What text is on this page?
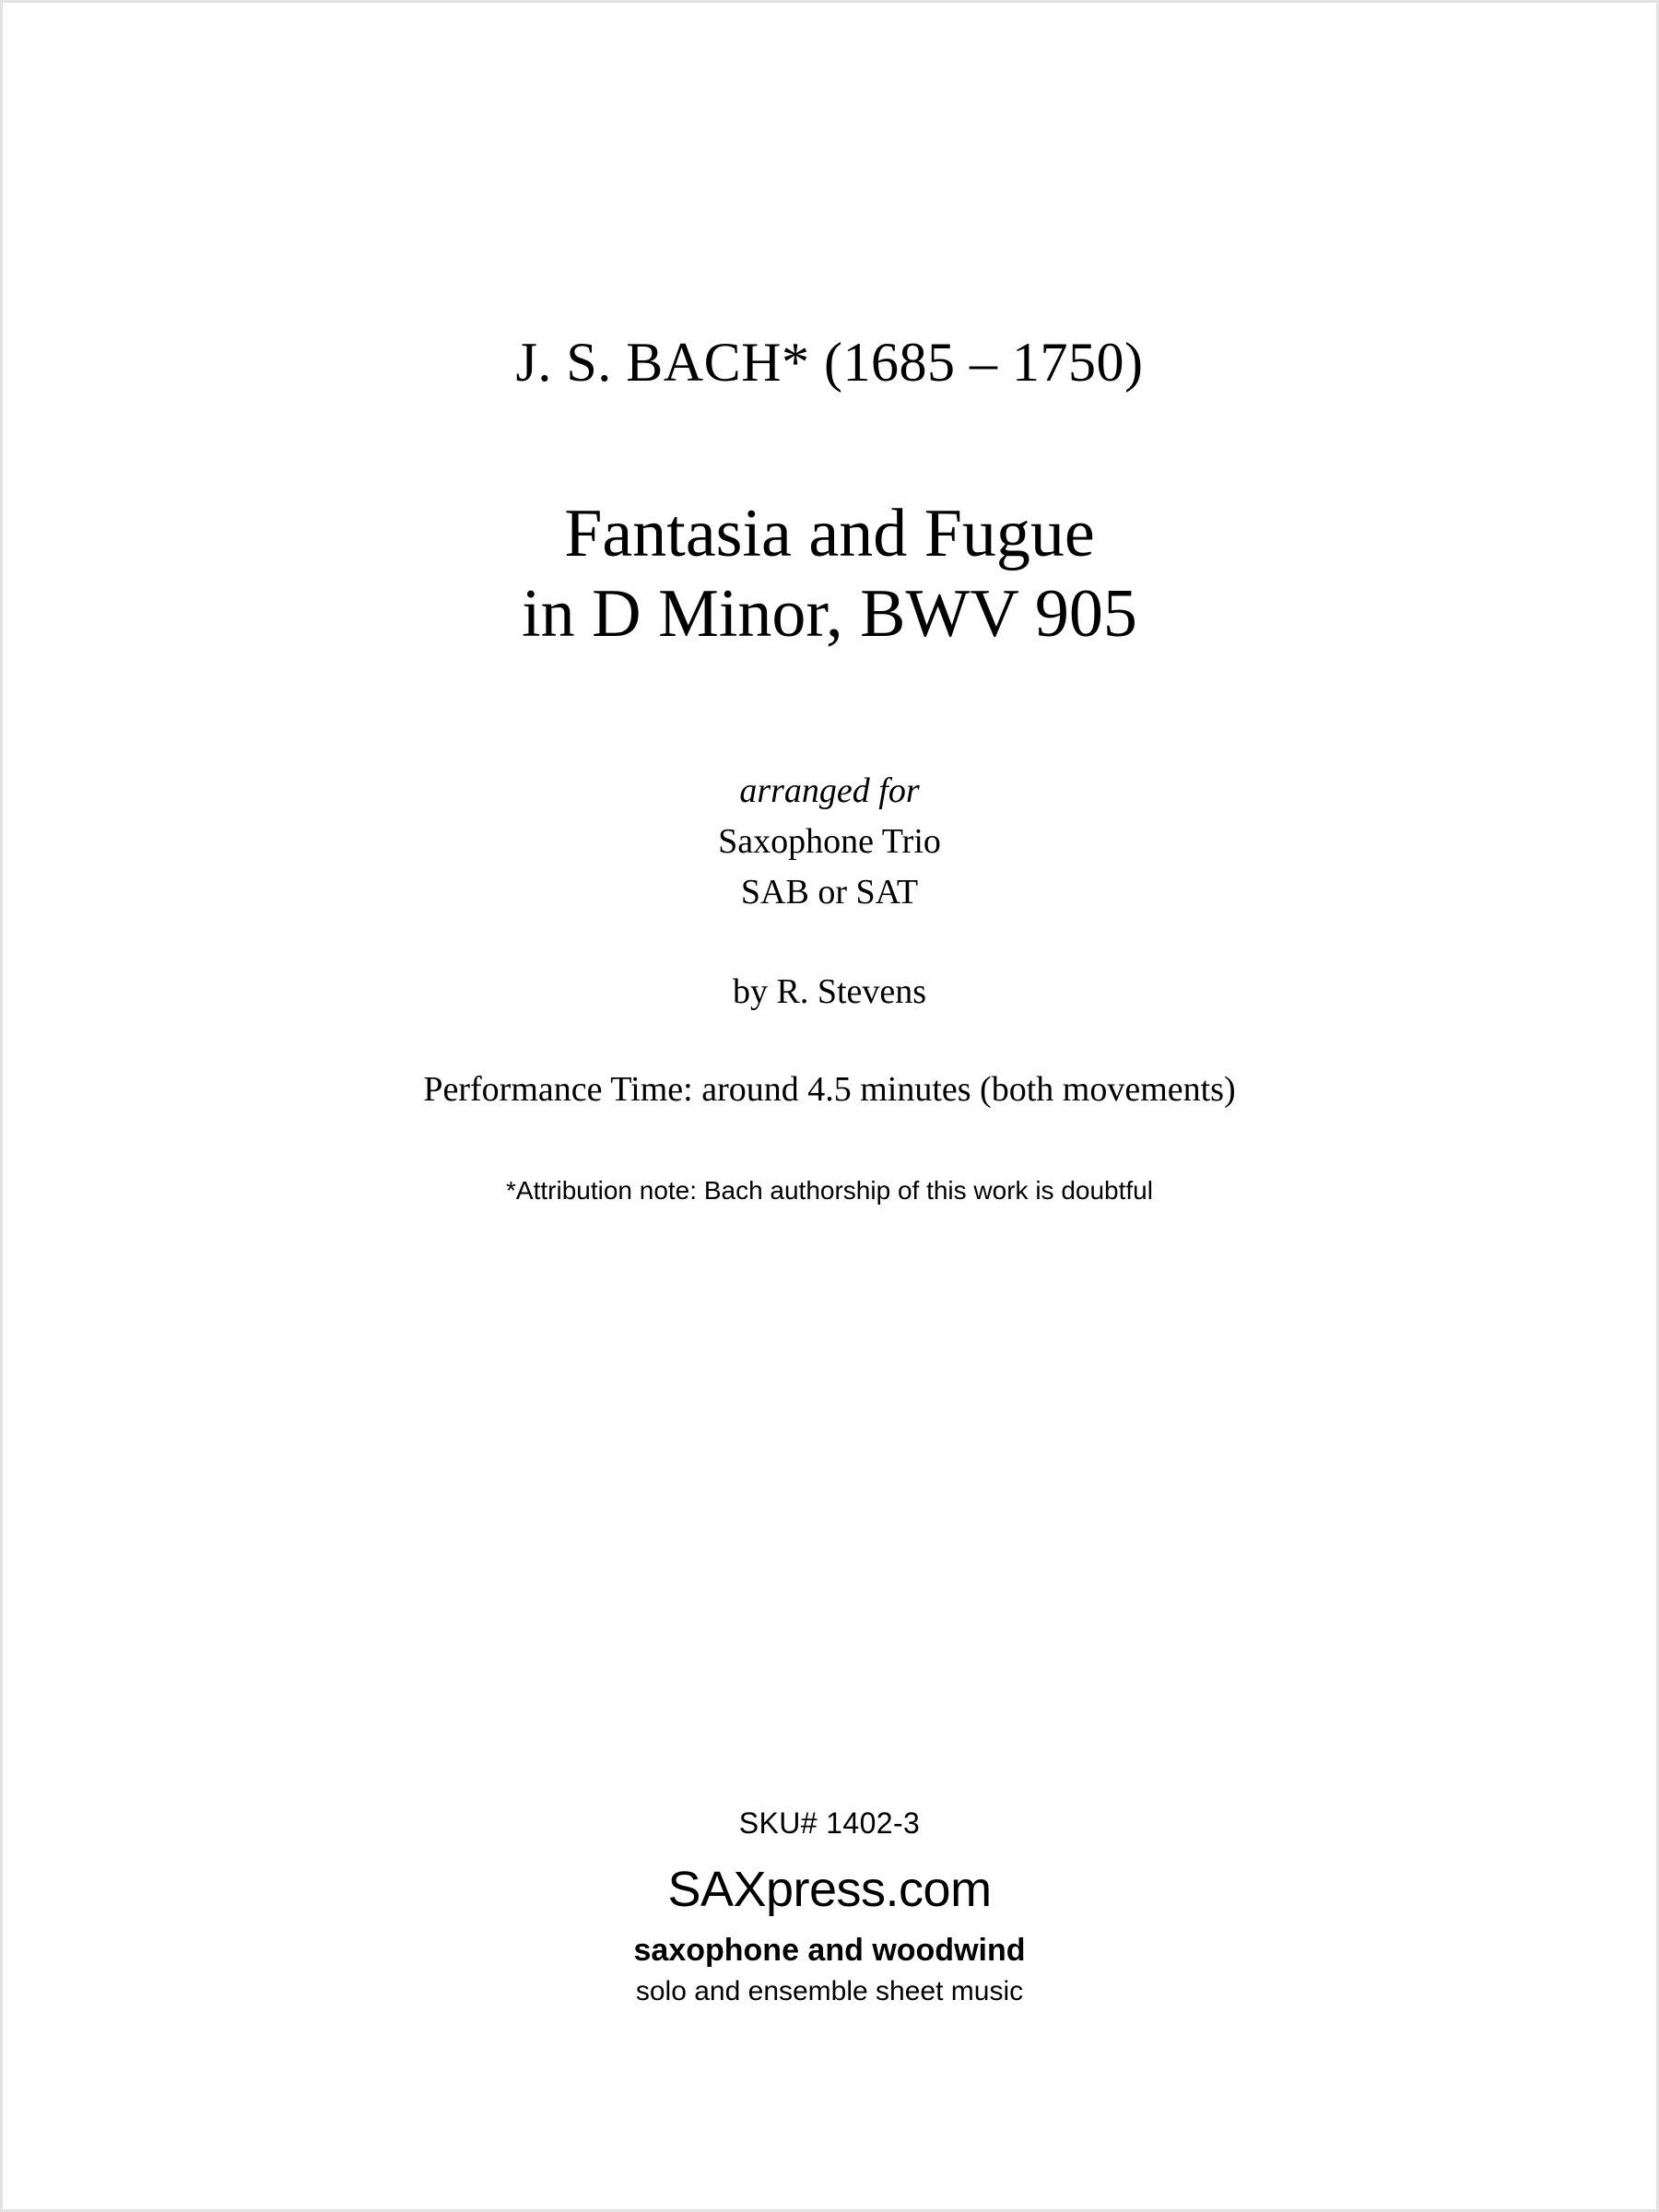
J. S. BACH* (1685 – 1750)
Fantasia and Fugue
in D Minor, BWV 905
arranged for
Saxophone Trio
SAB or SAT
by R. Stevens
Performance Time: around 4.5 minutes (both movements)
*Attribution note: Bach authorship of this work is doubtful
SKU# 1402-3
SAXpress.com
saxophone and woodwind
solo and ensemble sheet music
